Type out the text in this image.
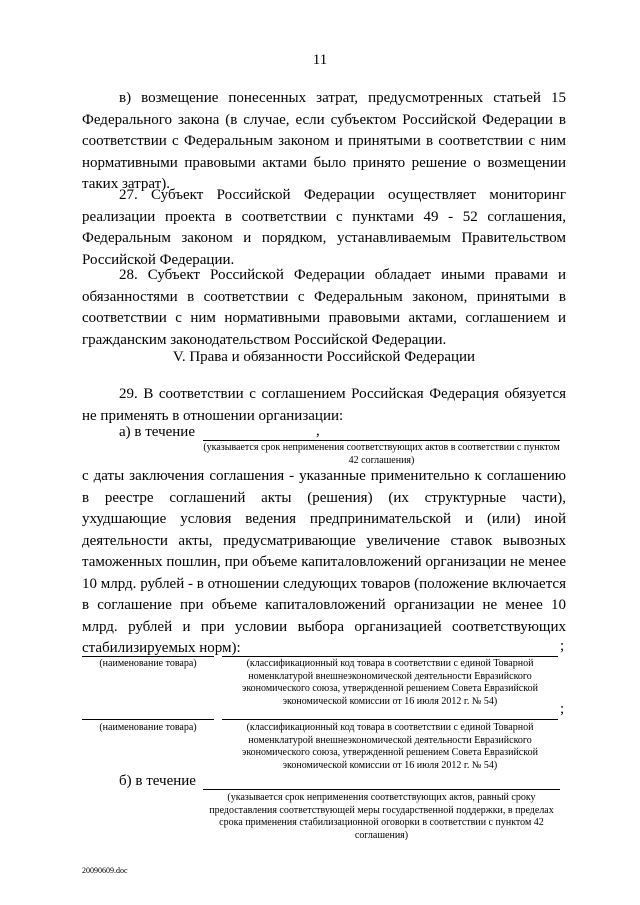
11
в) возмещение понесенных затрат, предусмотренных статьей 15 Федерального закона (в случае, если субъектом Российской Федерации в соответствии с Федеральным законом и принятыми в соответствии с ним нормативными правовыми актами было принято решение о возмещении таких затрат).
27. Субъект Российской Федерации осуществляет мониторинг реализации проекта в соответствии с пунктами 49 - 52 соглашения, Федеральным законом и порядком, устанавливаемым Правительством Российской Федерации.
28. Субъект Российской Федерации обладает иными правами и обязанностями в соответствии с Федеральным законом, принятыми в соответствии с ним нормативными правовыми актами, соглашением и гражданским законодательством Российской Федерации.
V. Права и обязанности Российской Федерации
29. В соответствии с соглашением Российская Федерация обязуется не применять в отношении организации:
а) в течение	,
(указывается срок неприменения соответствующих актов в соответствии с пунктом 42 соглашения)
с даты заключения соглашения - указанные применительно к соглашению в реестре соглашений акты (решения) (их структурные части), ухудшающие условия ведения предпринимательской и (или) иной деятельности акты, предусматривающие увеличение ставок вывозных таможенных пошлин, при объеме капиталовложений организации не менее 10 млрд. рублей - в отношении следующих товаров (положение включается в соглашение при объеме капиталовложений организации не менее 10 млрд. рублей и при условии выбора организацией соответствующих стабилизируемых норм):	;
(наименование товара)	(классификационный код товара в соответствии с единой Товарной номенклатурой внешнеэкономической деятельности Евразийского экономического союза, утвержденной решением Совета Евразийской экономической комиссии от 16 июля 2012 г. № 54)	;
(наименование товара)	(классификационный код товара в соответствии с единой Товарной номенклатурой внешнеэкономической деятельности Евразийского экономического союза, утвержденной решением Совета Евразийской экономической комиссии от 16 июля 2012 г. № 54)
б) в течение
(указывается срок неприменения соответствующих актов, равный сроку предоставления соответствующей меры государственной поддержки, в пределах срока применения стабилизационной оговорки в соответствии с пунктом 42 соглашения)
20090609.doc
